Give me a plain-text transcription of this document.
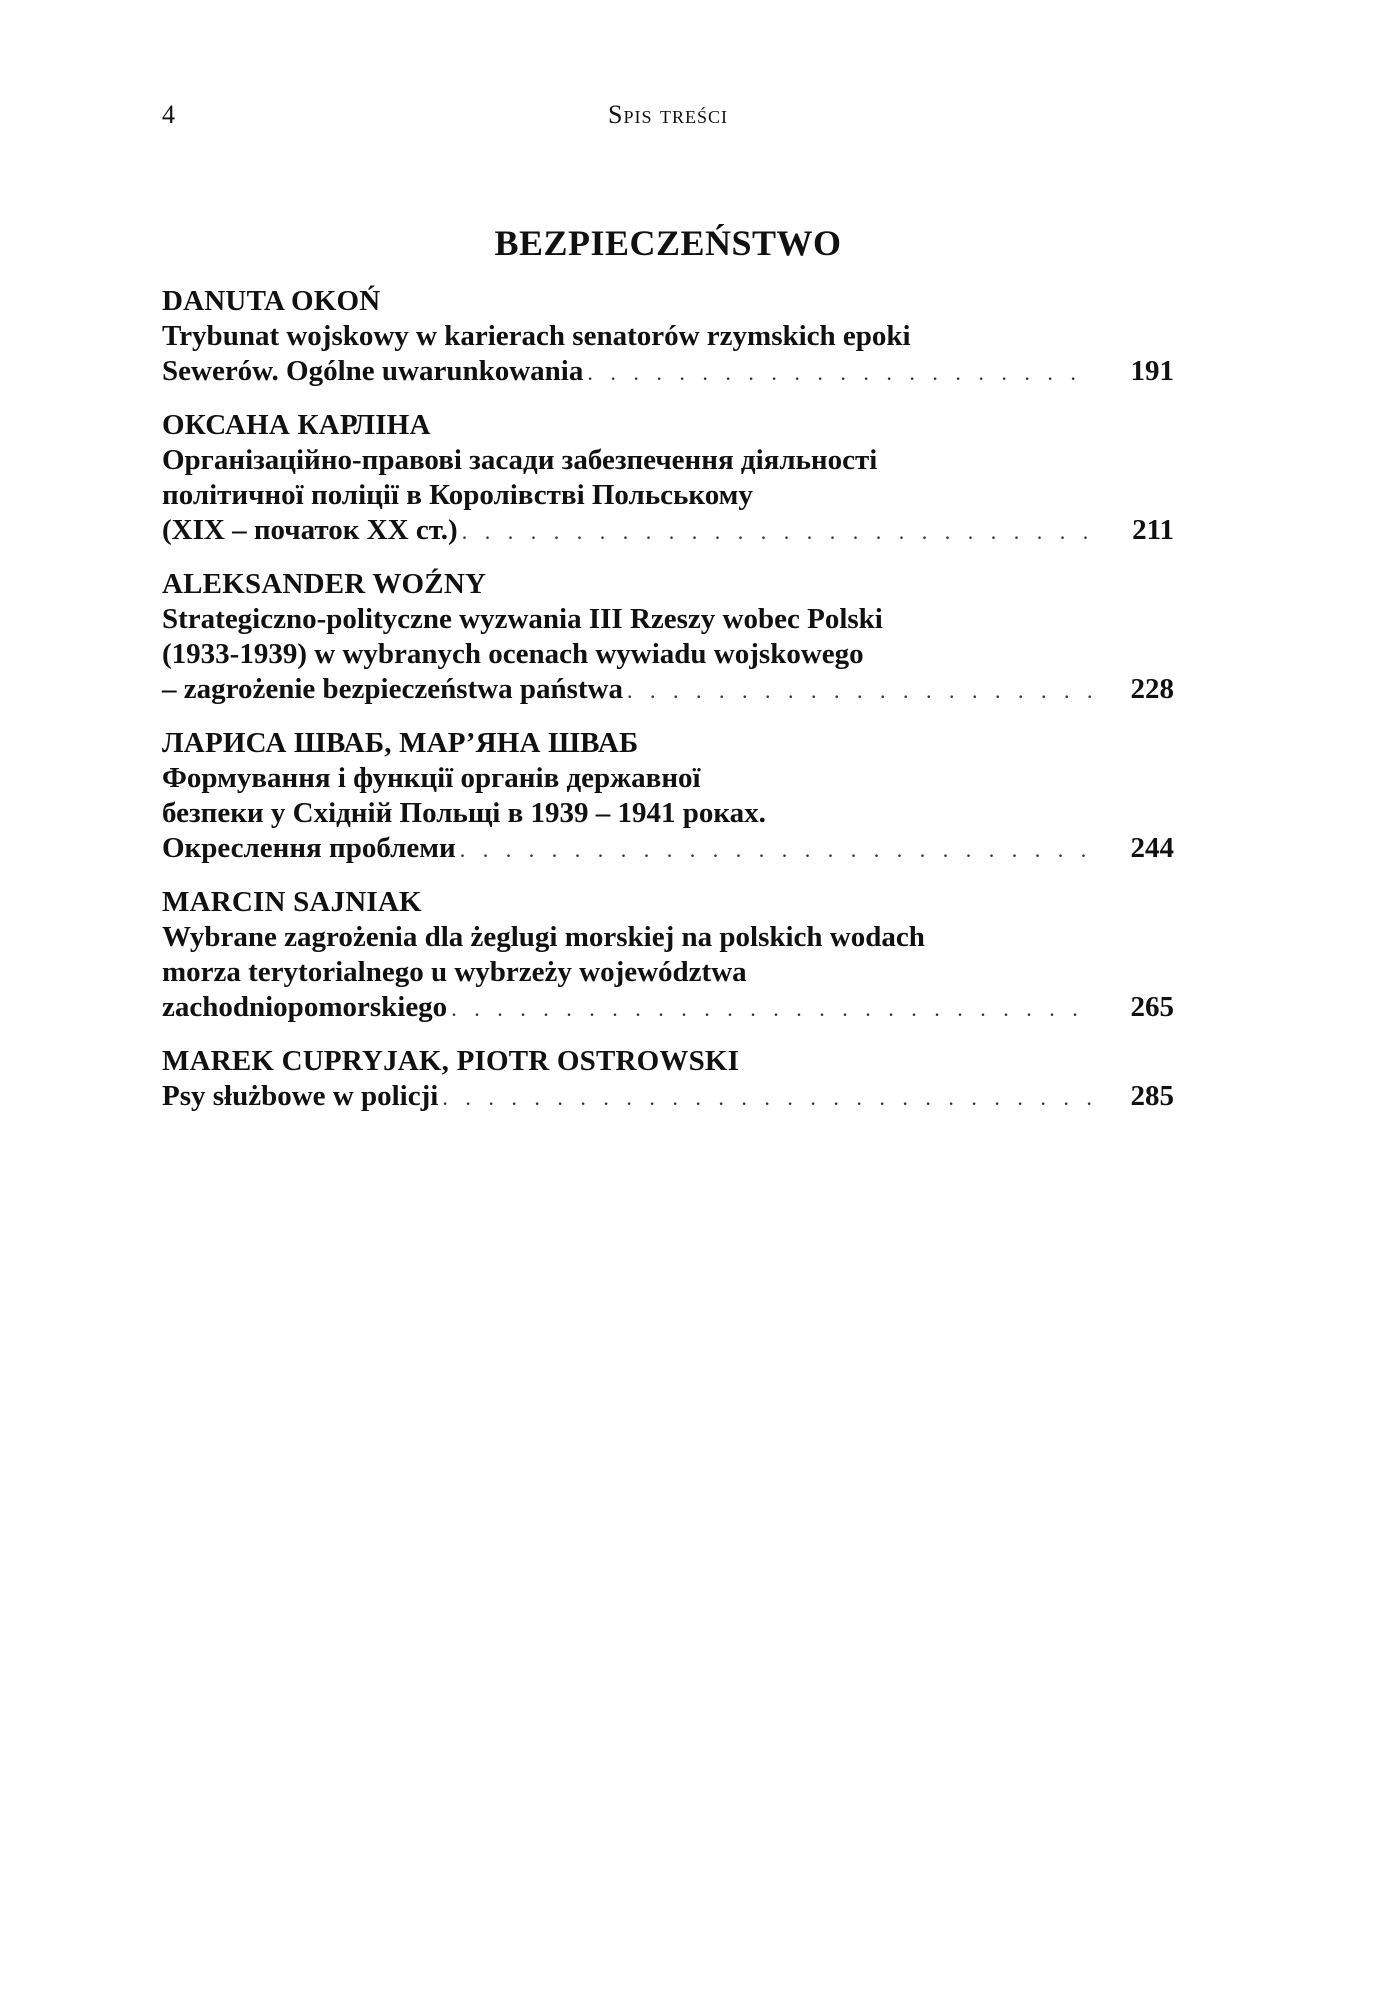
4	Spis treści
BEZPIECZEŃSTWO
DANUTA OKOŃ
Trybunat wojskowy w karierach senatorów rzymskich epoki
Sewerów. Ogólne uwarunkowania . . .	191
ОКСАНА КАРЛІНА
Організаційно-правові засади забезпечення діяльності
політичної поліції в Королівстві Польському
(XIX – початок XX ст.) . . .	211
ALEKSANDER WOŹNY
Strategiczno-polityczne wyzwania III Rzeszy wobec Polski
(1933-1939) w wybranych ocenach wywiadu wojskowego
– zagrożenie bezpieczeństwa państwa . . .	228
ЛАРИСА ШВАБ, МАР’ЯНА ШВАБ
Формування і функції органів державної
безпеки у Східній Польщі в 1939 – 1941 роках.
Окреслення проблеми . . .	244
MARCIN SAJNIAK
Wybrane zagrożenia dla żeglugi morskiej na polskich wodach
morza terytorialnego u wybrzeży województwa
zachodniopomorskiego . . .	265
MAREK CUPRYJAK, PIOTR OSTROWSKI
Psy służbowe w policji . . .	285
